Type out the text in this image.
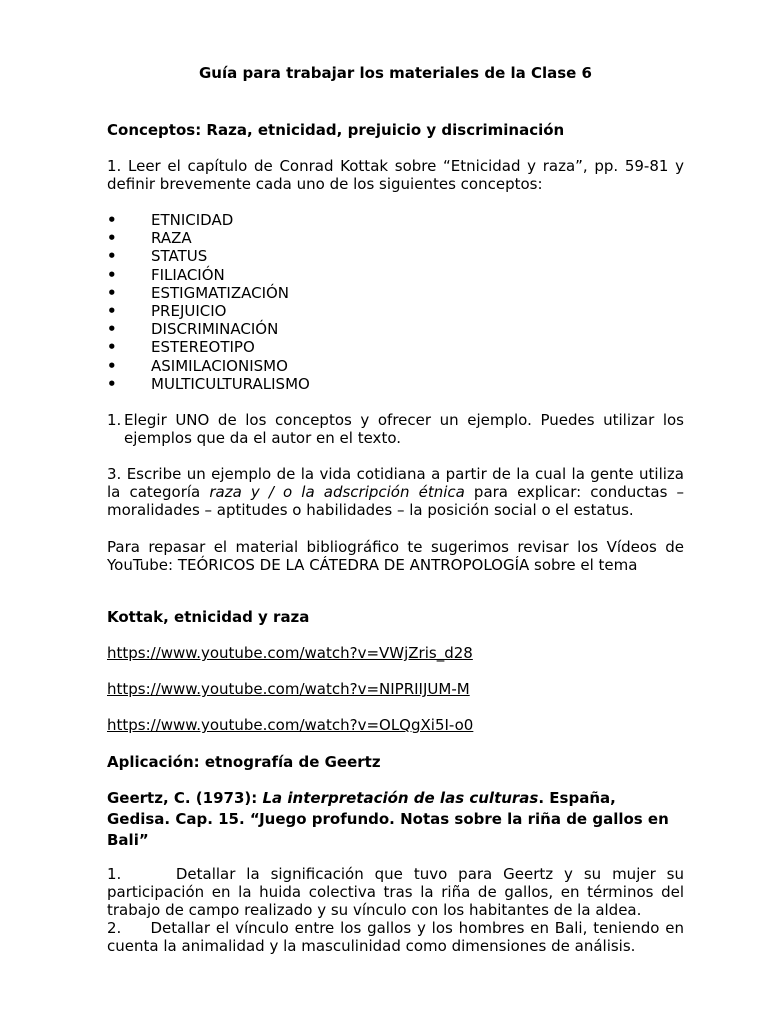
Guía para trabajar los materiales de la Clase 6

Conceptos: Raza, etnicidad, prejuicio y discriminación

1. Leer el capítulo de Conrad Kottak sobre “Etnicidad y raza”, pp. 59-81 y definir brevemente cada uno de los siguientes conceptos:

• ETNICIDAD
• RAZA
• STATUS
• FILIACIÓN
• ESTIGMATIZACIÓN
• PREJUICIO
• DISCRIMINACIÓN
• ESTEREOTIPO
• ASIMILACIONISMO
• MULTICULTURALISMO
1. Elegir UNO de los conceptos y ofrecer un ejemplo. Puedes utilizar los ejemplos que da el autor en el texto.

3. Escribe un ejemplo de la vida cotidiana a partir de la cual la gente utiliza la categoría raza y / o la adscripción étnica para explicar: conductas – moralidades – aptitudes o habilidades – la posición social o el estatus.

Para repasar el material bibliográfico te sugerimos revisar los Vídeos de YouTube: TEÓRICOS DE LA CÁTEDRA DE ANTROPOLOGÍA sobre el tema

Kottak, etnicidad y raza

https://www.youtube.com/watch?v=VWjZris_d28
https://www.youtube.com/watch?v=NIPRIIJUM-M
https://www.youtube.com/watch?v=OLQgXi5I-o0

Aplicación: etnografía de Geertz

Geertz, C. (1973): La interpretación de las culturas. España, Gedisa. Cap. 15. “Juego profundo. Notas sobre la riña de gallos en Bali”

1.     Detallar la significación que tuvo para Geertz y su mujer su participación en la huida colectiva tras la riña de gallos, en términos del trabajo de campo realizado y su vínculo con los habitantes de la aldea.
2.     Detallar el vínculo entre los gallos y los hombres en Bali, teniendo en cuenta la animalidad y la masculinidad como dimensiones de análisis.
